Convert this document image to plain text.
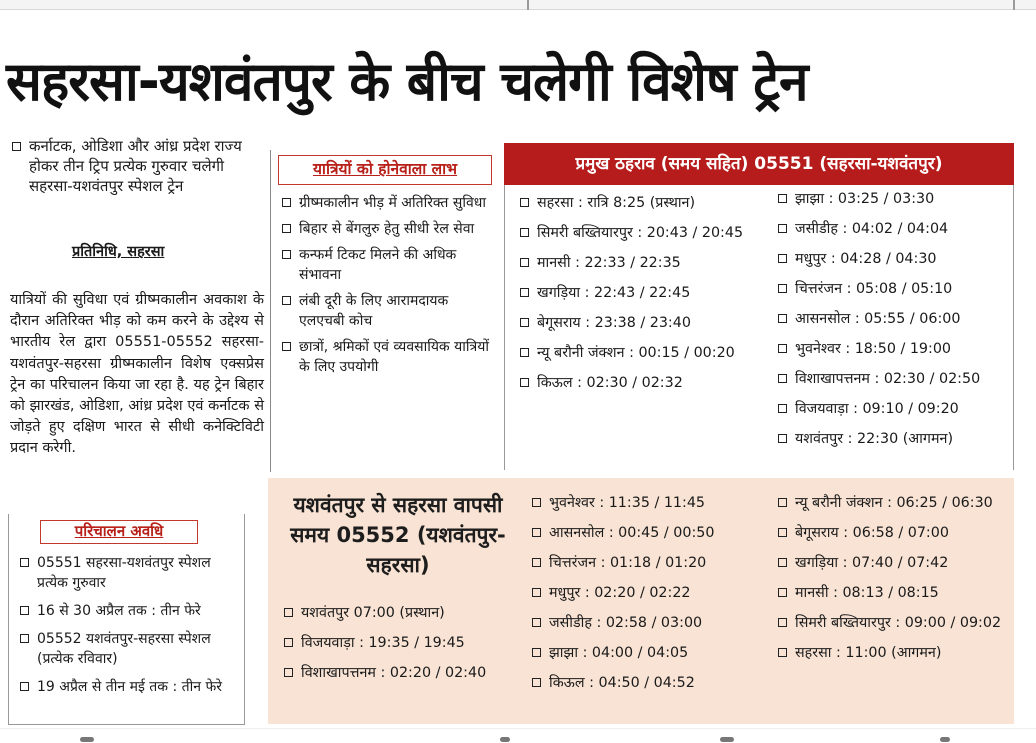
सहरसा-यशवंतपुर के बीच चलेगी विशेष ट्रेन
कर्नाटक, ओडिशा और आंध्र प्रदेश राज्य होकर तीन ट्रिप प्रत्येक गुरुवार चलेगी सहरसा-यशवंतपुर स्पेशल ट्रेन
प्रतिनिधि, सहरसा

यात्रियों की सुविधा एवं ग्रीष्मकालीन अवकाश के दौरान अतिरिक्त भीड़ को कम करने के उद्देश्य से भारतीय रेल द्वारा 05551-05552 सहरसा-यशवंतपुर-सहरसा ग्रीष्मकालीन विशेष एक्सप्रेस ट्रेन का परिचालन किया जा रहा है. यह ट्रेन बिहार को झारखंड, ओडिशा, आंध्र प्रदेश एवं कर्नाटक से जोड़ते हुए दक्षिण भारत से सीधी कनेक्टिविटी प्रदान करेगी.

यात्रियों को होनेवाला लाभ
ग्रीष्मकालीन भीड़ में अतिरिक्त सुविधा
बिहार से बेंगलुरु हेतु सीधी रेल सेवा
कन्फर्म टिकट मिलने की अधिक संभावना
लंबी दूरी के लिए आरामदायक एलएचबी कोच
छात्रों, श्रमिकों एवं व्यवसायिक यात्रियों के लिए उपयोगी
प्रमुख ठहराव (समय सहित) 05551 (सहरसा-यशवंतपुर)
सहरसा : रात्रि 8:25 (प्रस्थान)
सिमरी बख्तियारपुर : 20:43 / 20:45
मानसी : 22:33 / 22:35
खगड़िया : 22:43 / 22:45
बेगूसराय : 23:38 / 23:40
न्यू बरौनी जंक्शन : 00:15 / 00:20
किऊल : 02:30 / 02:32
झाझा : 03:25 / 03:30
जसीडीह : 04:02 / 04:04
मधुपुर : 04:28 / 04:30
चित्तरंजन : 05:08 / 05:10
आसनसोल : 05:55 / 06:00
भुवनेश्वर : 18:50 / 19:00
विशाखापत्तनम : 02:30 / 02:50
विजयवाड़ा : 09:10 / 09:20
यशवंतपुर : 22:30 (आगमन)
यशवंतपुर से सहरसा वापसी समय 05552 (यशवंतपुर-सहरसा)
यशवंतपुर 07:00 (प्रस्थान)
विजयवाड़ा : 19:35 / 19:45
विशाखापत्तनम : 02:20 / 02:40
भुवनेश्वर : 11:35 / 11:45
आसनसोल : 00:45 / 00:50
चित्तरंजन : 01:18 / 01:20
मधुपुर : 02:20 / 02:22
जसीडीह : 02:58 / 03:00
झाझा : 04:00 / 04:05
किऊल : 04:50 / 04:52
न्यू बरौनी जंक्शन : 06:25 / 06:30
बेगूसराय : 06:58 / 07:00
खगड़िया : 07:40 / 07:42
मानसी : 08:13 / 08:15
सिमरी बख्तियारपुर : 09:00 / 09:02
सहरसा : 11:00 (आगमन)
परिचालन अवधि
05551 सहरसा-यशवंतपुर स्पेशल प्रत्येक गुरुवार
16 से 30 अप्रैल तक : तीन फेरे
05552 यशवंतपुर-सहरसा स्पेशल (प्रत्येक रविवार)
19 अप्रैल से तीन मई तक : तीन फेरे
